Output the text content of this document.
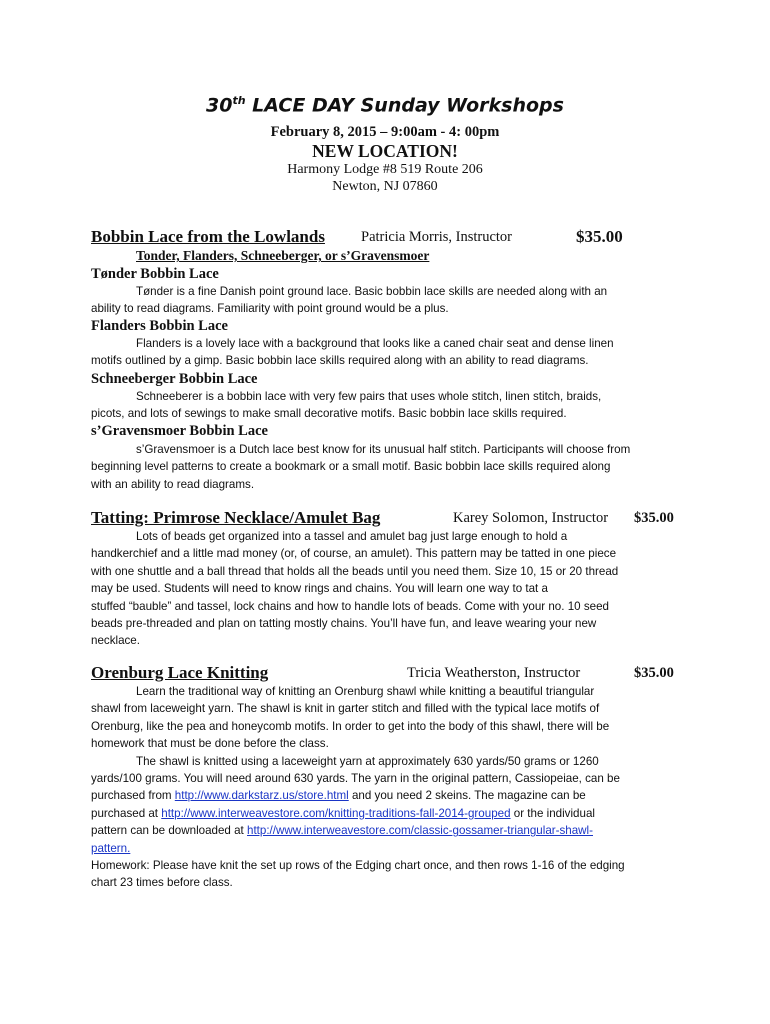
30th LACE DAY Sunday Workshops
February 8, 2015 – 9:00am - 4: 00pm
NEW LOCATION!
Harmony Lodge #8 519 Route 206
Newton, NJ 07860
Bobbin Lace from the Lowlands Patricia Morris, Instructor	$35.00
Tonder, Flanders, Schneeberger, or s’Gravensmoer
Tønder Bobbin Lace
Tønder is a fine Danish point ground lace. Basic bobbin lace skills are needed along with an
ability to read diagrams. Familiarity with point ground would be a plus.
Flanders Bobbin Lace
Flanders is a lovely lace with a background that looks like a caned chair seat and dense linen
motifs outlined by a gimp. Basic bobbin lace skills required along with an ability to read diagrams.
Schneeberger Bobbin Lace
Schneeberer is a bobbin lace with very few pairs that uses whole stitch, linen stitch, braids,
picots, and lots of sewings to make small decorative motifs. Basic bobbin lace skills required.
s’Gravensmoer Bobbin Lace
s’Gravensmoer is a Dutch lace best know for its unusual half stitch. Participants will choose from
beginning level patterns to create a bookmark or a small motif. Basic bobbin lace skills required along
with an ability to read diagrams.
Tatting: Primrose Necklace/Amulet Bag	Karey Solomon, Instructor $35.00
Lots of beads get organized into a tassel and amulet bag just large enough to hold a
handkerchief and a little mad money (or, of course, an amulet). This pattern may be tatted in one piece
with one shuttle and a ball thread that holds all the beads until you need them. Size 10, 15 or 20 thread
may be used. Students will need to know rings and chains. You will learn one way to tat a
stuffed “bauble” and tassel, lock chains and how to handle lots of beads. Come with your no. 10 seed
beads pre-threaded and plan on tatting mostly chains. You’ll have fun, and leave wearing your new
necklace.
Orenburg Lace Knitting	Tricia Weatherston, Instructor	$35.00
Learn the traditional way of knitting an Orenburg shawl while knitting a beautiful triangular
shawl from laceweight yarn. The shawl is knit in garter stitch and filled with the typical lace motifs of
Orenburg, like the pea and honeycomb motifs. In order to get into the body of this shawl, there will be
homework that must be done before the class.
The shawl is knitted using a laceweight yarn at approximately 630 yards/50 grams or 1260
yards/100 grams. You will need around 630 yards. The yarn in the original pattern, Cassiopeiae, can be
purchased from http://www.darkstarz.us/store.html and you need 2 skeins. The magazine can be
purchased at http://www.interweavestore.com/knitting-traditions-fall-2014-grouped or the individual
pattern can be downloaded at http://www.interweavestore.com/classic-gossamer-triangular-shawl-
pattern.
Homework: Please have knit the set up rows of the Edging chart once, and then rows 1-16 of the edging
chart 23 times before class.
